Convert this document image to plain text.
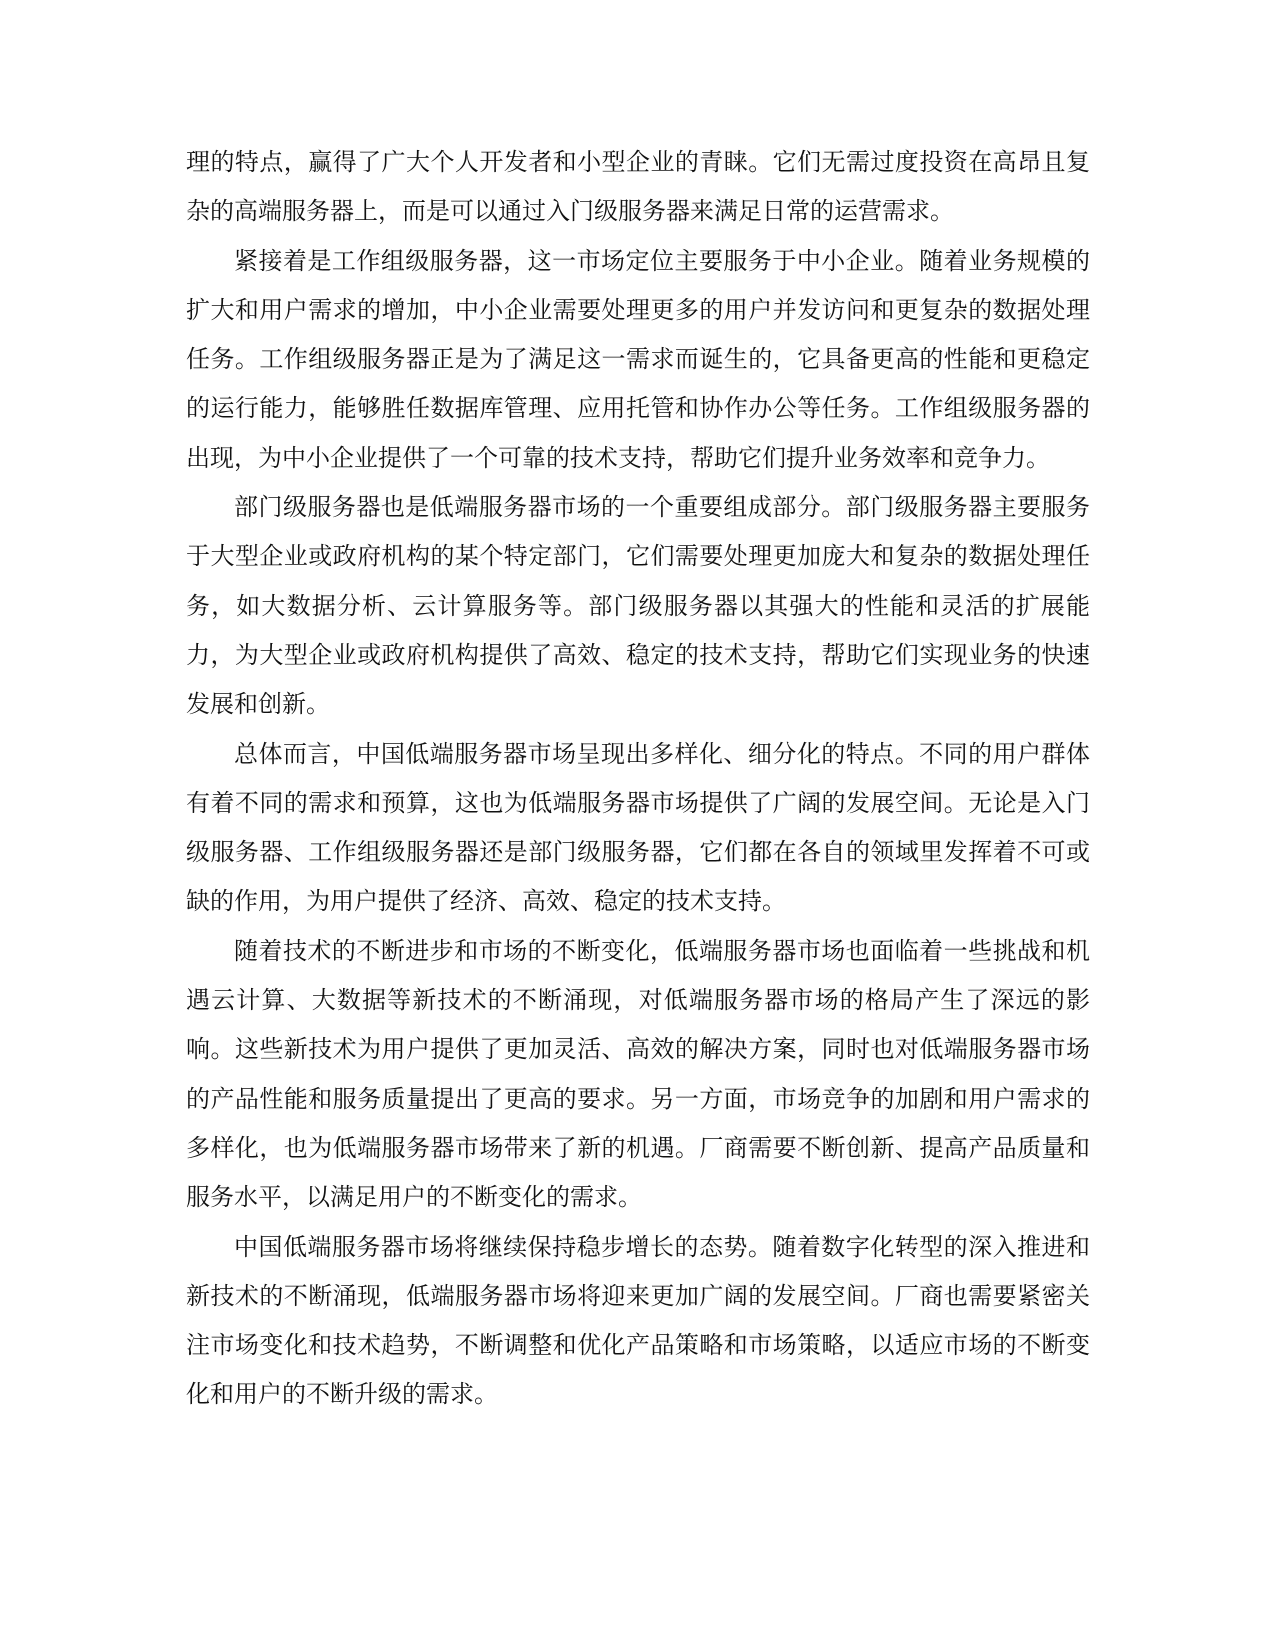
理的特点，赢得了广大个人开发者和小型企业的青睐。它们无需过度投资在高昂且复杂的高端服务器上，而是可以通过入门级服务器来满足日常的运营需求。

紧接着是工作组级服务器，这一市场定位主要服务于中小企业。随着业务规模的扩大和用户需求的增加，中小企业需要处理更多的用户并发访问和更复杂的数据处理任务。工作组级服务器正是为了满足这一需求而诞生的，它具备更高的性能和更稳定的运行能力，能够胜任数据库管理、应用托管和协作办公等任务。工作组级服务器的出现，为中小企业提供了一个可靠的技术支持，帮助它们提升业务效率和竞争力。

部门级服务器也是低端服务器市场的一个重要组成部分。部门级服务器主要服务于大型企业或政府机构的某个特定部门，它们需要处理更加庞大和复杂的数据处理任务，如大数据分析、云计算服务等。部门级服务器以其强大的性能和灵活的扩展能力，为大型企业或政府机构提供了高效、稳定的技术支持，帮助它们实现业务的快速发展和创新。

总体而言，中国低端服务器市场呈现出多样化、细分化的特点。不同的用户群体有着不同的需求和预算，这也为低端服务器市场提供了广阔的发展空间。无论是入门级服务器、工作组级服务器还是部门级服务器，它们都在各自的领域里发挥着不可或缺的作用，为用户提供了经济、高效、稳定的技术支持。

随着技术的不断进步和市场的不断变化，低端服务器市场也面临着一些挑战和机遇云计算、大数据等新技术的不断涌现，对低端服务器市场的格局产生了深远的影响。这些新技术为用户提供了更加灵活、高效的解决方案，同时也对低端服务器市场的产品性能和服务质量提出了更高的要求。另一方面，市场竞争的加剧和用户需求的多样化，也为低端服务器市场带来了新的机遇。厂商需要不断创新、提高产品质量和服务水平，以满足用户的不断变化的需求。

中国低端服务器市场将继续保持稳步增长的态势。随着数字化转型的深入推进和新技术的不断涌现，低端服务器市场将迎来更加广阔的发展空间。厂商也需要紧密关注市场变化和技术趋势，不断调整和优化产品策略和市场策略，以适应市场的不断变化和用户的不断升级的需求。
